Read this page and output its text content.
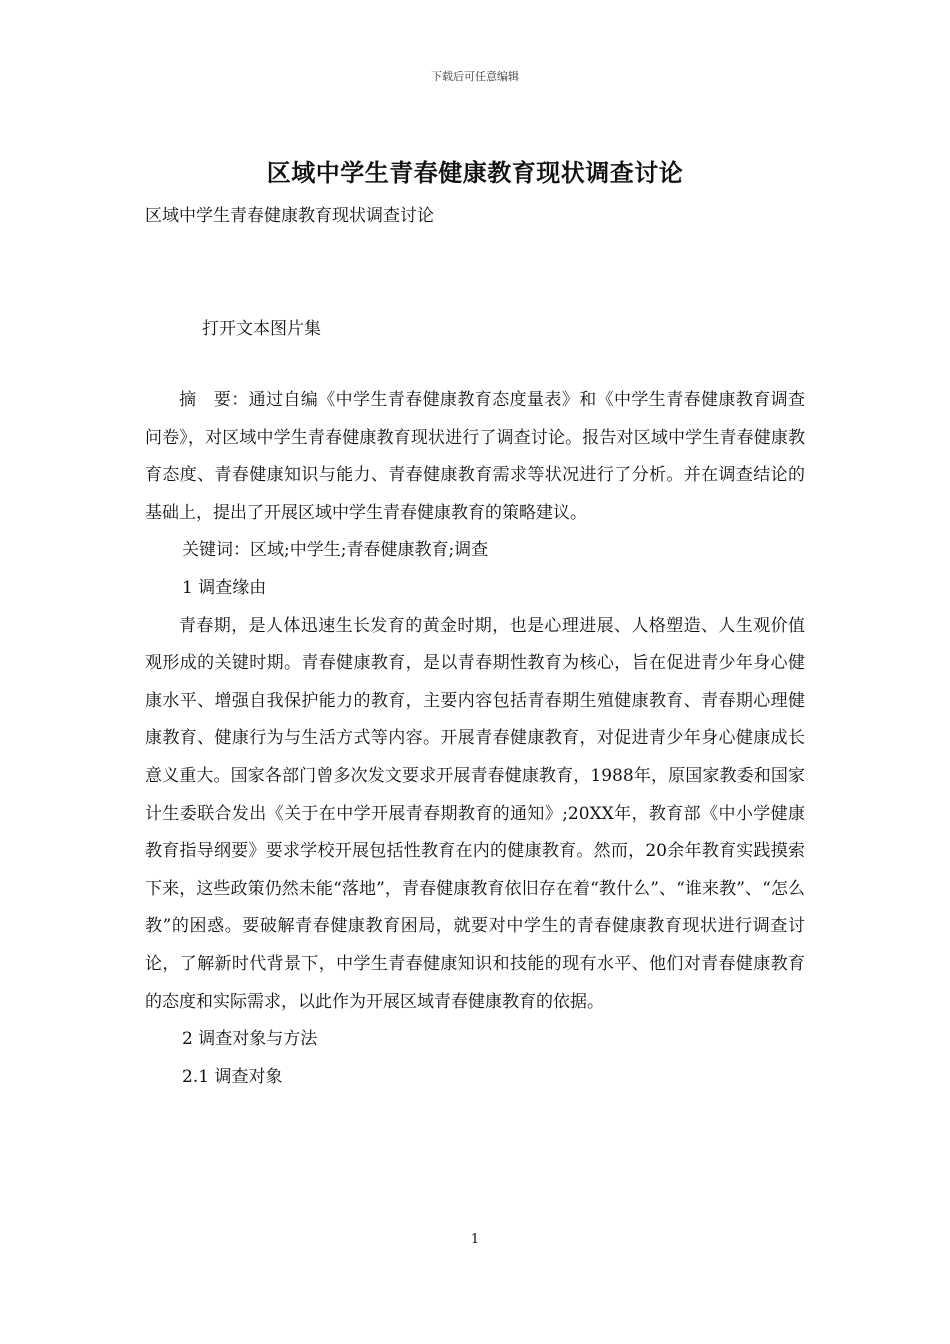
下载后可任意编辑
区域中学生青春健康教育现状调查讨论
区域中学生青春健康教育现状调查讨论
打开文本图片集

摘　要：通过自编《中学生青春健康教育态度量表》和《中学生青春健康教育调查问卷》，对区域中学生青春健康教育现状进行了调查讨论。报告对区域中学生青春健康教育态度、青春健康知识与能力、青春健康教育需求等状况进行了分析。并在调查结论的基础上，提出了开展区域中学生青春健康教育的策略建议。

关键词：区域;中学生;青春健康教育;调查
1 调查缘由

青春期，是人体迅速生长发育的黄金时期，也是心理进展、人格塑造、人生观价值观形成的关键时期。青春健康教育，是以青春期性教育为核心，旨在促进青少年身心健康水平、增强自我保护能力的教育，主要内容包括青春期生殖健康教育、青春期心理健康教育、健康行为与生活方式等内容。开展青春健康教育，对促进青少年身心健康成长意义重大。国家各部门曾多次发文要求开展青春健康教育，1988年，原国家教委和国家计生委联合发出《关于在中学开展青春期教育的通知》;20XX年，教育部《中小学健康教育指导纲要》要求学校开展包括性教育在内的健康教育。然而，20余年教育实践摸索下来，这些政策仍然未能“落地”，青春健康教育依旧存在着“教什么”、“谁来教”、“怎么教”的困惑。要破解青春健康教育困局，就要对中学生的青春健康教育现状进行调查讨论，了解新时代背景下，中学生青春健康知识和技能的现有水平、他们对青春健康教育的态度和实际需求，以此作为开展区域青春健康教育的依据。

2 调查对象与方法
2.1 调查对象
1
